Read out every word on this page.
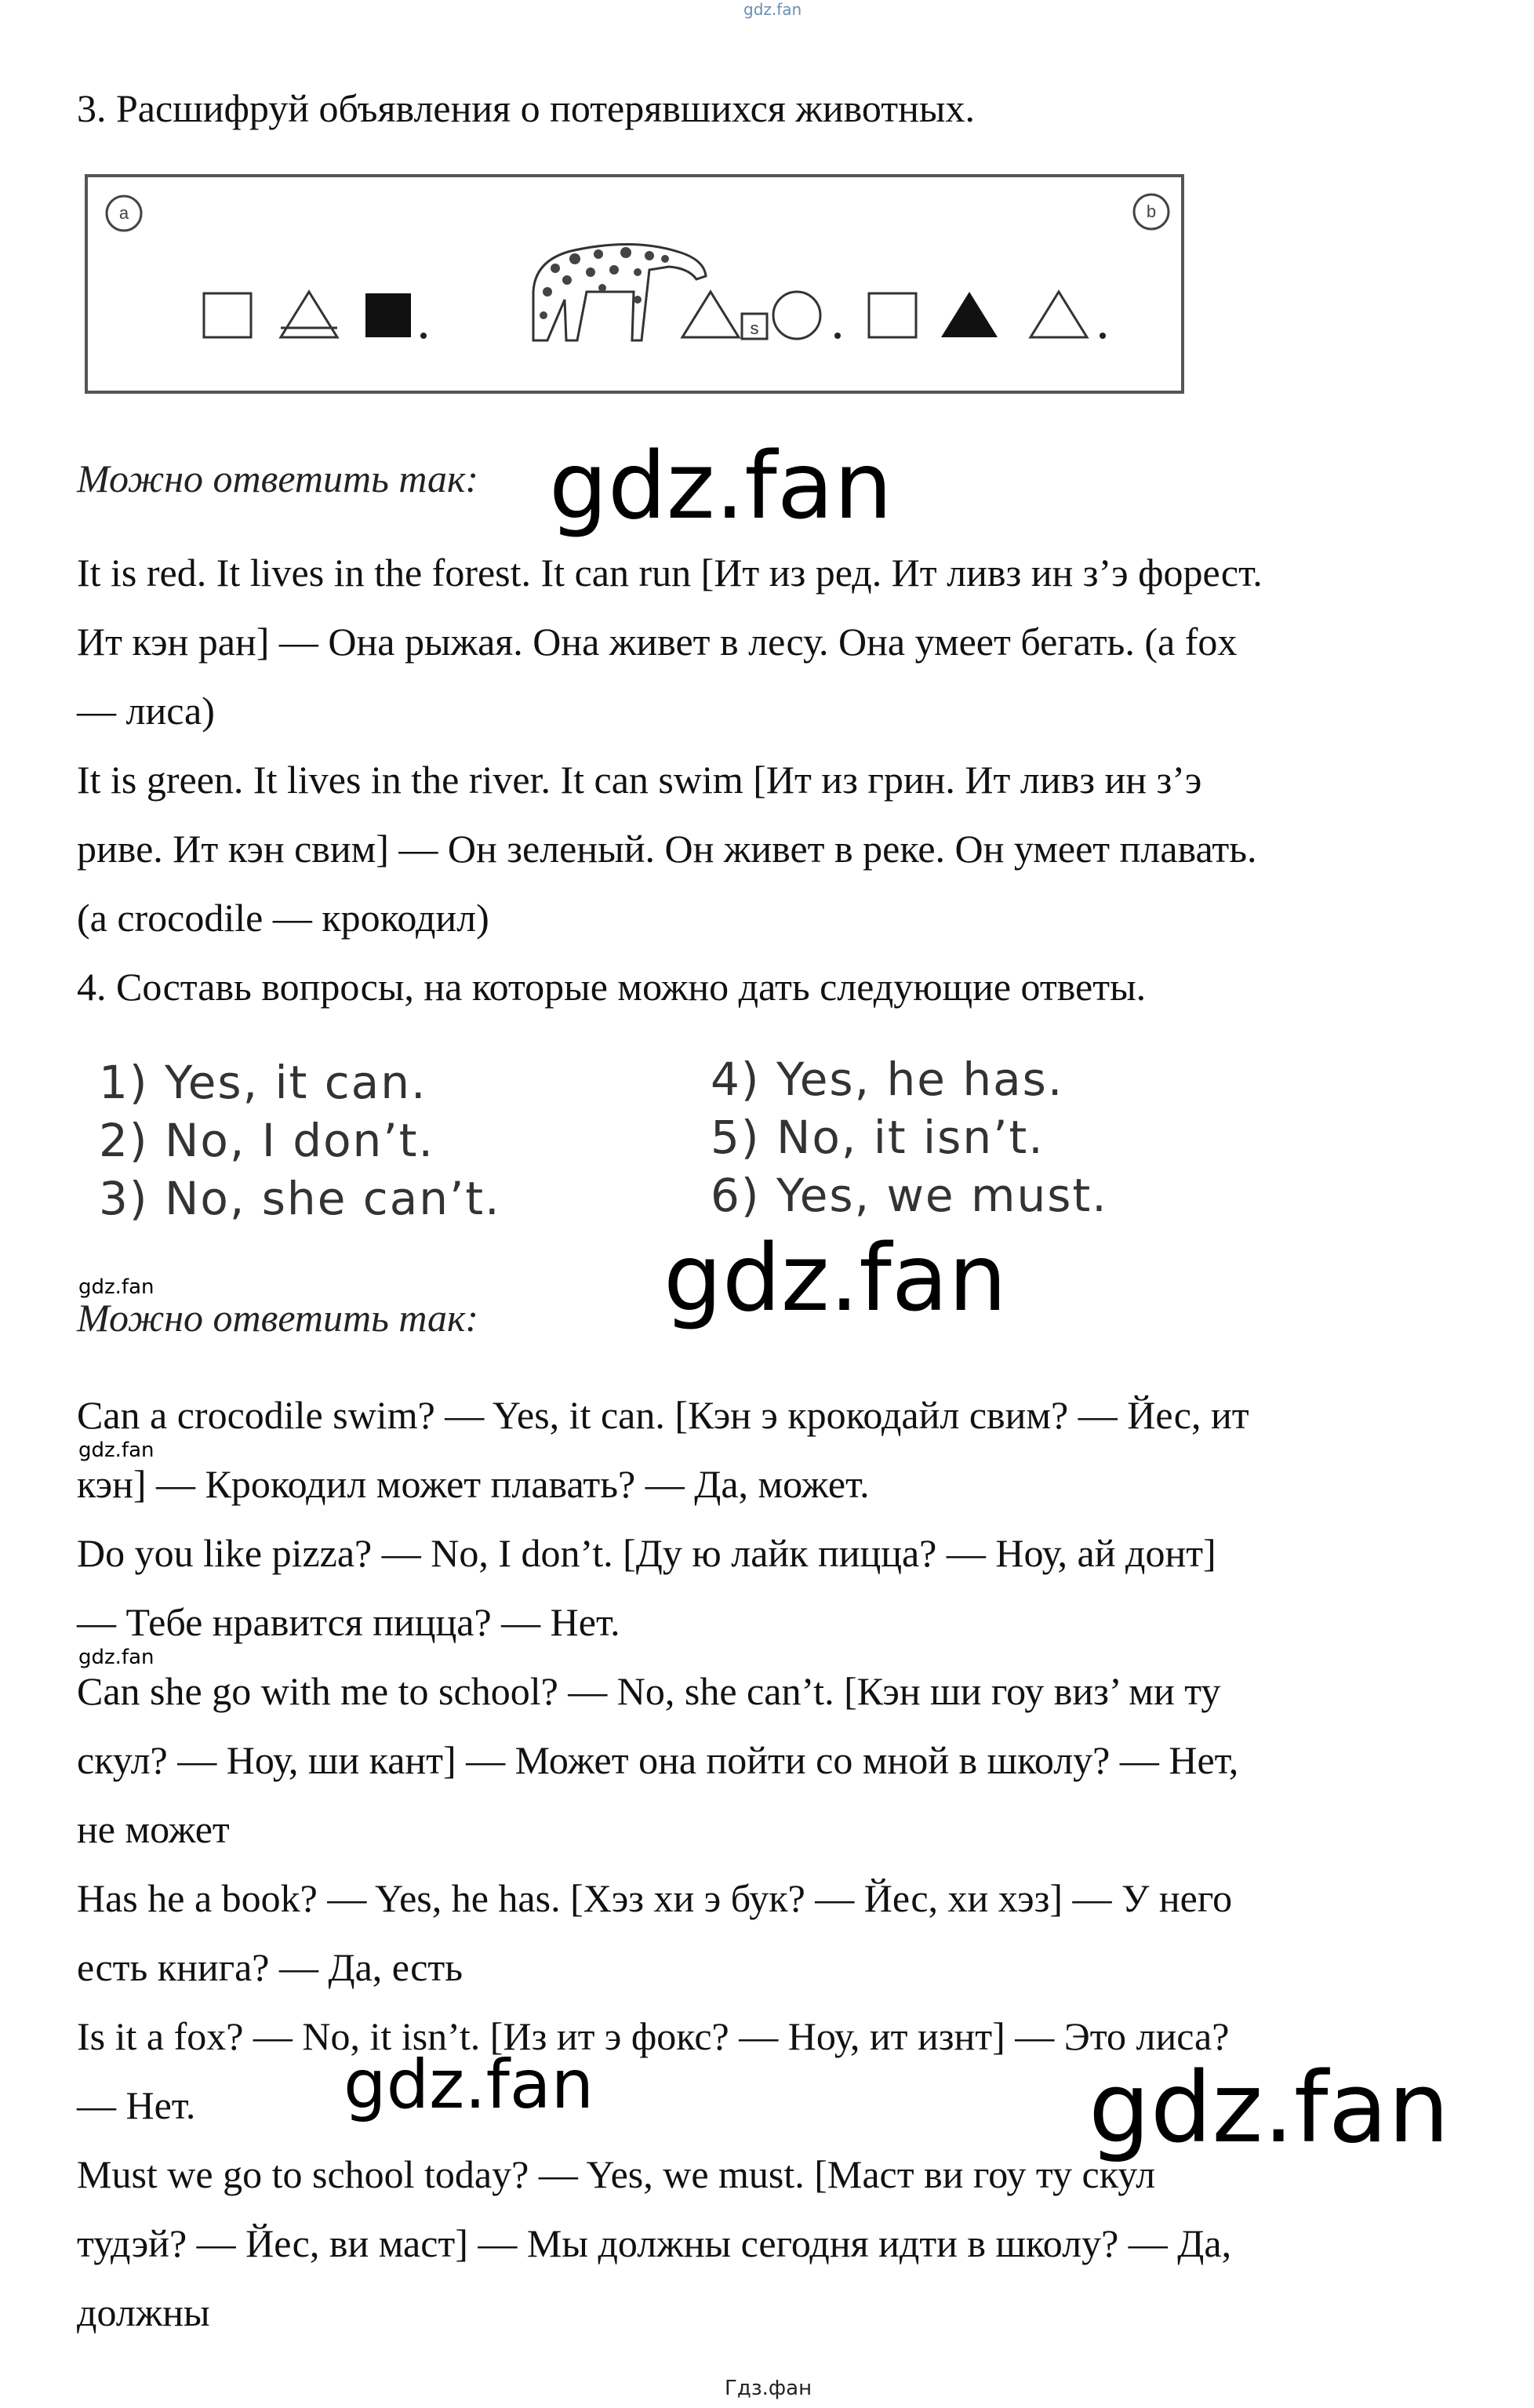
gdz.fan
3. Расшифруй объявления о потерявшихся животных.
a	b
s
Можно ответить так: gdz.fan
It is red. It lives in the forest. It can run [Ит из ред. Ит ливз ин з’э форест.
Ит кэн ран] — Она рыжая. Она живет в лесу. Она умеет бегать. (a fox
— лиса)
It is green. It lives in the river. It can swim [Ит из грин. Ит ливз ин з’э
риве. Ит кэн свим] — Он зеленый. Он живет в реке. Он умеет плавать.
(a crocodile — крокодил)
4. Составь вопросы, на которые можно дать следующие ответы.
1) Yes, it can.
2) No, I don’t.
3) No, she can’t.
4) Yes, he has.
5) No, it isn’t.
6) Yes, we must.
gdz.fan	gdz.fan
Можно ответить так:
Can a crocodile swim? — Yes, it can. [Кэн э крокодайл свим? — Йес, ит
кэн] — Крокодил может плавать? — Да, может.
Do you like pizza? — No, I don’t. [Ду ю лайк пицца? — Ноу, ай донт]
— Тебе нравится пицца? — Нет.
Can she go with me to school? — No, she can’t. [Кэн ши гоу виз’ ми ту
скул? — Ноу, ши кант] — Может она пойти со мной в школу? — Нет,
не может
Has he a book? — Yes, he has. [Хэз хи э бук? — Йес, хи хэз] — У него
есть книга? — Да, есть
Is it a fox? — No, it isn’t. [Из ит э фокс? — Ноу, ит изнт] — Это лиса?
— Нет.
Must we go to school today? — Yes, we must. [Маст ви гоу ту скул
тудэй? — Йес, ви маст] — Мы должны сегодня идти в школу? — Да,
должны
gdz.fan
gdz.fan
gdz.fan	gdz.fan
Гдз.фан
